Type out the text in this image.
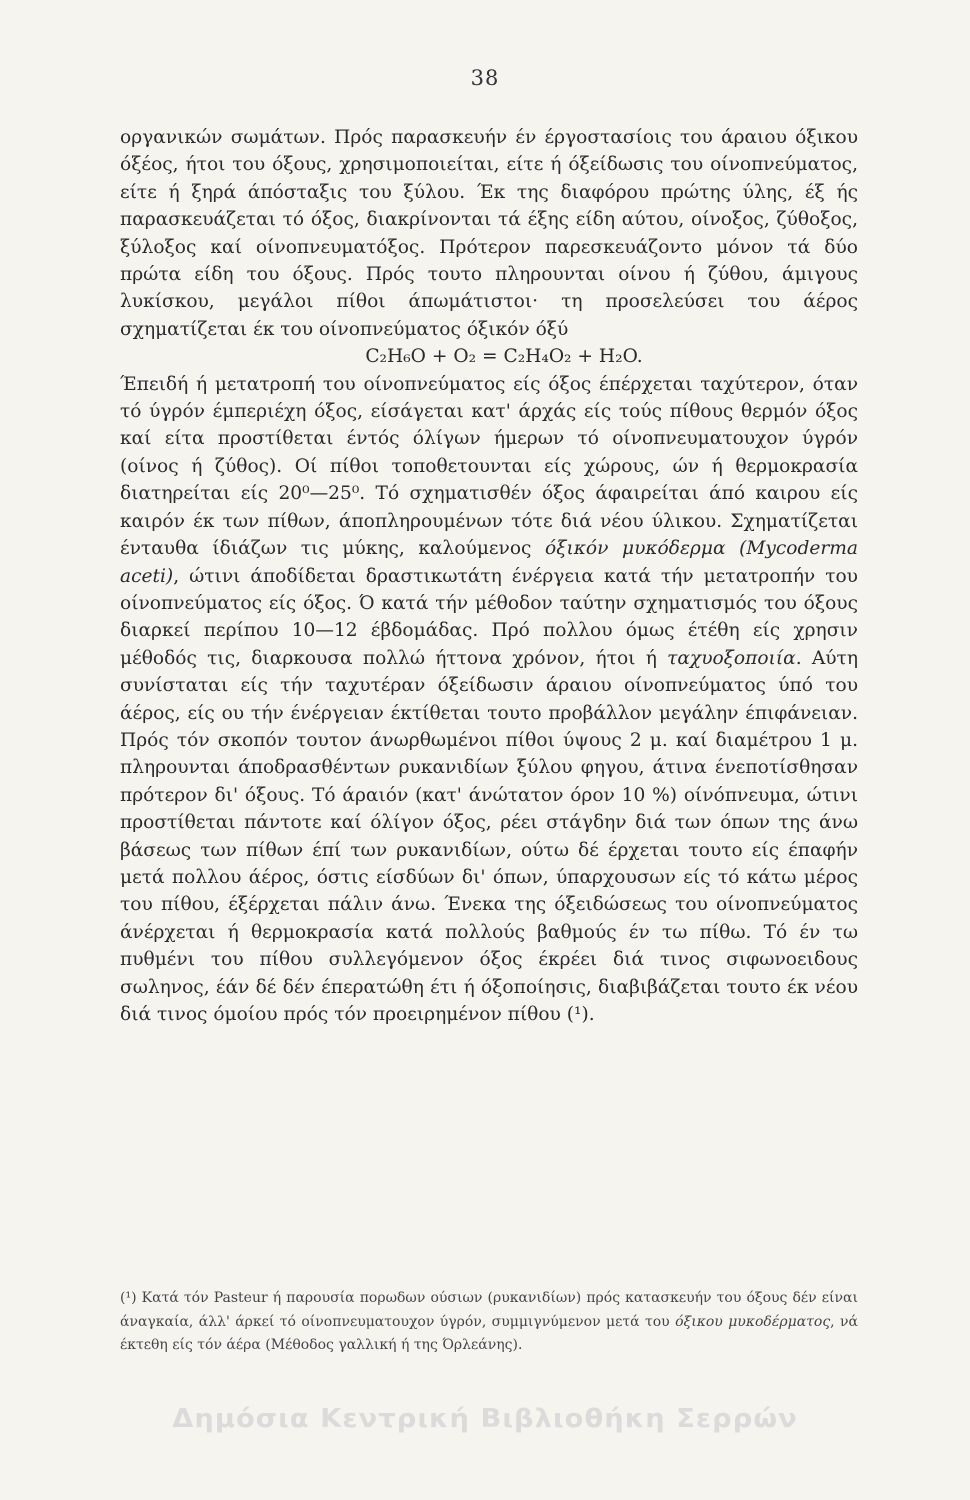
38

οργανικών σωμάτων. Πρός παρασκευήν έν έργοστασίοις του άραιου όξικου όξέος, ήτοι του όξους, χρησιμοποιείται, είτε ή όξείδωσις του οίνοπνεύματος, είτε ή ξηρά άπόσταξις του ξύλου. Έκ της διαφόρου πρώτης ύλης, έξ ής παρασκευάζεται τό όξος, διακρίνονται τά έξης είδη αύτου, οίνοξος, ζύθοξος, ξύλοξος καί οίνοπνευματόξος. Πρότερον παρεσκευάζοντο μόνον τά δύο πρώτα είδη του όξους. Πρός τουτο πληρουνται οίνου ή ζύθου, άμιγους λυκίσκου, μεγάλοι πίθοι άπωμάτιστοι· τη προσελεύσει του άέρος σχηματίζεται έκ του οίνοπνεύματος όξικόν όξύ

C₂H₆O + O₂ = C₂H₄O₂ + H₂O.

Έπειδή ή μετατροπή του οίνοπνεύματος είς όξος έπέρχεται ταχύτερον, όταν τό ύγρόν έμπεριέχη όξος, είσάγεται κατ' άρχάς είς τούς πίθους θερμόν όξος καί είτα προστίθεται έντός όλίγων ήμερων τό οίνοπνευματουχον ύγρόν (οίνος ή ζύθος). Οί πίθοι τοποθετουνται είς χώρους, ών ή θερμοκρασία διατηρείται είς 20⁰—25⁰. Τό σχηματισθέν όξος άφαιρείται άπό καιρου είς καιρόν έκ των πίθων, άποπληρουμένων τότε διά νέου ύλικου. Σχηματίζεται ένταυθα ίδιάζων τις μύκης, καλούμενος όξικόν μυκόδερμα (Mycoderma aceti), ώτινι άποδίδεται δραστικωτάτη ένέργεια κατά τήν μετατροπήν του οίνοπνεύματος είς όξος. Ό κατά τήν μέθοδον ταύτην σχηματισμός του όξους διαρκεί περίπου 10—12 έβδομάδας. Πρό πολλου όμως έτέθη είς χρησιν μέθοδός τις, διαρκουσα πολλώ ήττονα χρόνον, ήτοι ή ταχυοξοποιία. Αύτη συνίσταται είς τήν ταχυτέραν όξείδωσιν άραιου οίνοπνεύματος ύπό του άέρος, είς ου τήν ένέργειαν έκτίθεται τουτο προβάλλον μεγάλην έπιφάνειαν. Πρός τόν σκοπόν τουτον άνωρθωμένοι πίθοι ύψους 2 μ. καί διαμέτρου 1 μ. πληρουνται άποδρασθέντων ρυκανιδίων ξύλου φηγου, άτινα ένεποτίσθησαν πρότερον δι' όξους. Τό άραιόν (κατ' άνώτατον όρον 10 %) οίνόπνευμα, ώτινι προστίθεται πάντοτε καί όλίγον όξος, ρέει στάγδην διά των όπων της άνω βάσεως των πίθων έπί των ρυκανιδίων, ούτω δέ έρχεται τουτο είς έπαφήν μετά πολλου άέρος, όστις είσδύων δι' όπων, ύπαρχουσων είς τό κάτω μέρος του πίθου, έξέρχεται πάλιν άνω. Ένεκα της όξειδώσεως του οίνοπνεύματος άνέρχεται ή θερμοκρασία κατά πολλούς βαθμούς έν τω πίθω. Τό έν τω πυθμένι του πίθου συλλεγόμενον όξος έκρέει διά τινος σιφωνοειδους σωληνος, έάν δέ δέν έπερατώθη έτι ή όξοποίησις, διαβιβάζεται τουτο έκ νέου διά τινος όμοίου πρός τόν προειρημένον πίθου (¹).

(¹) Κατά τόν Pasteur ή παρουσία πορωδων ούσιων (ρυκανιδίων) πρός κατασκευήν του όξους δέν είναι άναγκαία, άλλ' άρκεί τό οίνοπνευματουχον ύγρόν, συμμιγνύμενον μετά του όξικου μυκοδέρματος, νά έκτεθη είς τόν άέρα (Μέθοδος γαλλική ή της Όρλεάνης).
Δημόσια Κεντρική Βιβλιοθήκη Σερρών
